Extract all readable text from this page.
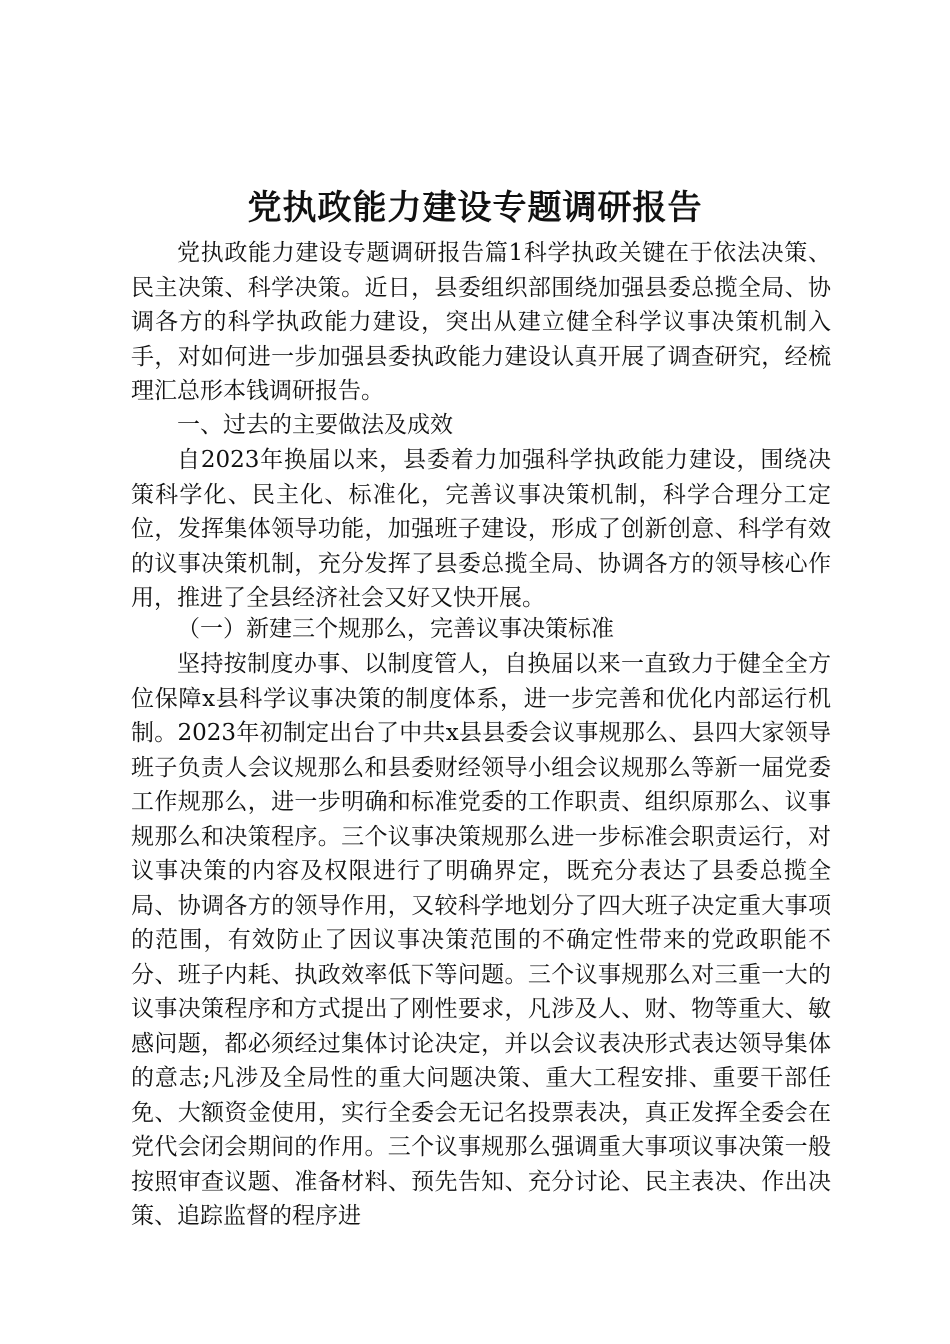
党执政能力建设专题调研报告

党执政能力建设专题调研报告篇1科学执政关键在于依法决策、民主决策、科学决策。近日，县委组织部围绕加强县委总揽全局、协调各方的科学执政能力建设，突出从建立健全科学议事决策机制入手，对如何进一步加强县委执政能力建设认真开展了调查研究，经梳理汇总形本钱调研报告。

一、过去的主要做法及成效

自2023年换届以来，县委着力加强科学执政能力建设，围绕决策科学化、民主化、标准化，完善议事决策机制，科学合理分工定位，发挥集体领导功能，加强班子建设，形成了创新创意、科学有效的议事决策机制，充分发挥了县委总揽全局、协调各方的领导核心作用，推进了全县经济社会又好又快开展。

（一）新建三个规那么，完善议事决策标准

坚持按制度办事、以制度管人，自换届以来一直致力于健全全方位保障x县科学议事决策的制度体系，进一步完善和优化内部运行机制。2023年初制定出台了中共x县县委会议事规那么、县四大家领导班子负责人会议规那么和县委财经领导小组会议规那么等新一届党委工作规那么，进一步明确和标准党委的工作职责、组织原那么、议事规那么和决策程序。三个议事决策规那么进一步标准会职责运行，对议事决策的内容及权限进行了明确界定，既充分表达了县委总揽全局、协调各方的领导作用，又较科学地划分了四大班子决定重大事项的范围，有效防止了因议事决策范围的不确定性带来的党政职能不分、班子内耗、执政效率低下等问题。三个议事规那么对三重一大的议事决策程序和方式提出了刚性要求，凡涉及人、财、物等重大、敏感问题，都必须经过集体讨论决定，并以会议表决形式表达领导集体的意志;凡涉及全局性的重大问题决策、重大工程安排、重要干部任免、大额资金使用，实行全委会无记名投票表决，真正发挥全委会在党代会闭会期间的作用。三个议事规那么强调重大事项议事决策一般按照审查议题、准备材料、预先告知、充分讨论、民主表决、作出决策、追踪监督的程序进
